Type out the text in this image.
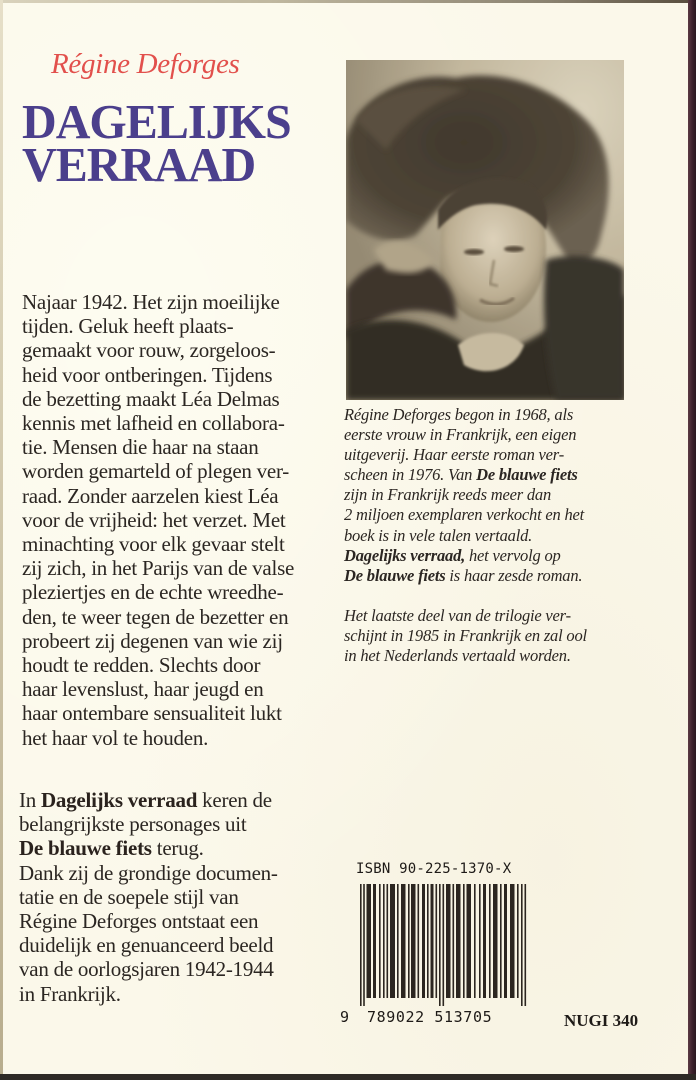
Régine Deforges
DAGELIJKS
VERRAAD
Najaar 1942. Het zijn moeilijke
tijden. Geluk heeft plaats-
gemaakt voor rouw, zorgeloos-
heid voor ontberingen. Tijdens
de bezetting maakt Léa Delmas
kennis met lafheid en collabora-
tie. Mensen die haar na staan
worden gemarteld of plegen ver-
raad. Zonder aarzelen kiest Léa
voor de vrijheid: het verzet. Met
minachting voor elk gevaar stelt
zij zich, in het Parijs van de valse
pleziertjes en de echte wreedhe-
den, te weer tegen de bezetter en
probeert zij degenen van wie zij
houdt te redden. Slechts door
haar levenslust, haar jeugd en
haar ontembare sensualiteit lukt
het haar vol te houden.
In Dagelijks verraad keren de
belangrijkste personages uit
De blauwe fiets terug.
Dank zij de grondige documen-
tatie en de soepele stijl van
Régine Deforges ontstaat een
duidelijk en genuanceerd beeld
van de oorlogsjaren 1942-1944
in Frankrijk.
Régine Deforges begon in 1968, als
eerste vrouw in Frankrijk, een eigen
uitgeverij. Haar eerste roman ver-
scheen in 1976. Van De blauwe fiets
zijn in Frankrijk reeds meer dan
2 miljoen exemplaren verkocht en het
boek is in vele talen vertaald.
Dagelijks verraad, het vervolg op
De blauwe fiets is haar zesde roman.
Het laatste deel van de trilogie ver-
schijnt in 1985 in Frankrijk en zal ool
in het Nederlands vertaald worden.
ISBN 90-225-1370-X
9 789022 513705	NUGI 340
